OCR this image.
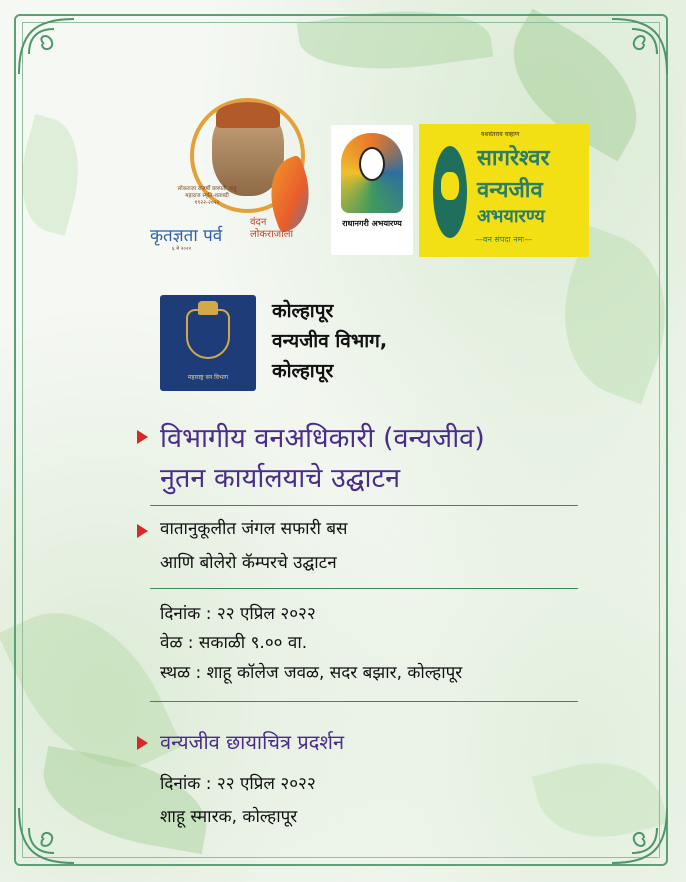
लोकराजा राजर्षी छत्रपती शाहू महाराज स्मृति-शताब्दी १९२२-२०२२
कृतज्ञता पर्व
वंदन
लोकराजाला
६ मे २०२२
राधानगरी अभयारण्य
यशवंतराव चव्हाण
सागरेश्वर
वन्यजीव
अभयारण्य
—वन संपदा नमः—
महाराष्ट्र वन विभाग
कोल्हापूर
वन्यजीव विभाग,
कोल्हापूर
विभागीय वनअधिकारी (वन्यजीव)
नुतन कार्यालयाचे उद्घाटन
वातानुकूलीत जंगल सफारी बस
आणि बोलेरो कॅम्परचे उद्घाटन
दिनांक : २२ एप्रिल २०२२
वेळ : सकाळी ९.०० वा.
स्थळ : शाहू कॉलेज जवळ, सदर बझार, कोल्हापूर
वन्यजीव छायाचित्र प्रदर्शन
दिनांक : २२ एप्रिल २०२२
शाहू स्मारक, कोल्हापूर
